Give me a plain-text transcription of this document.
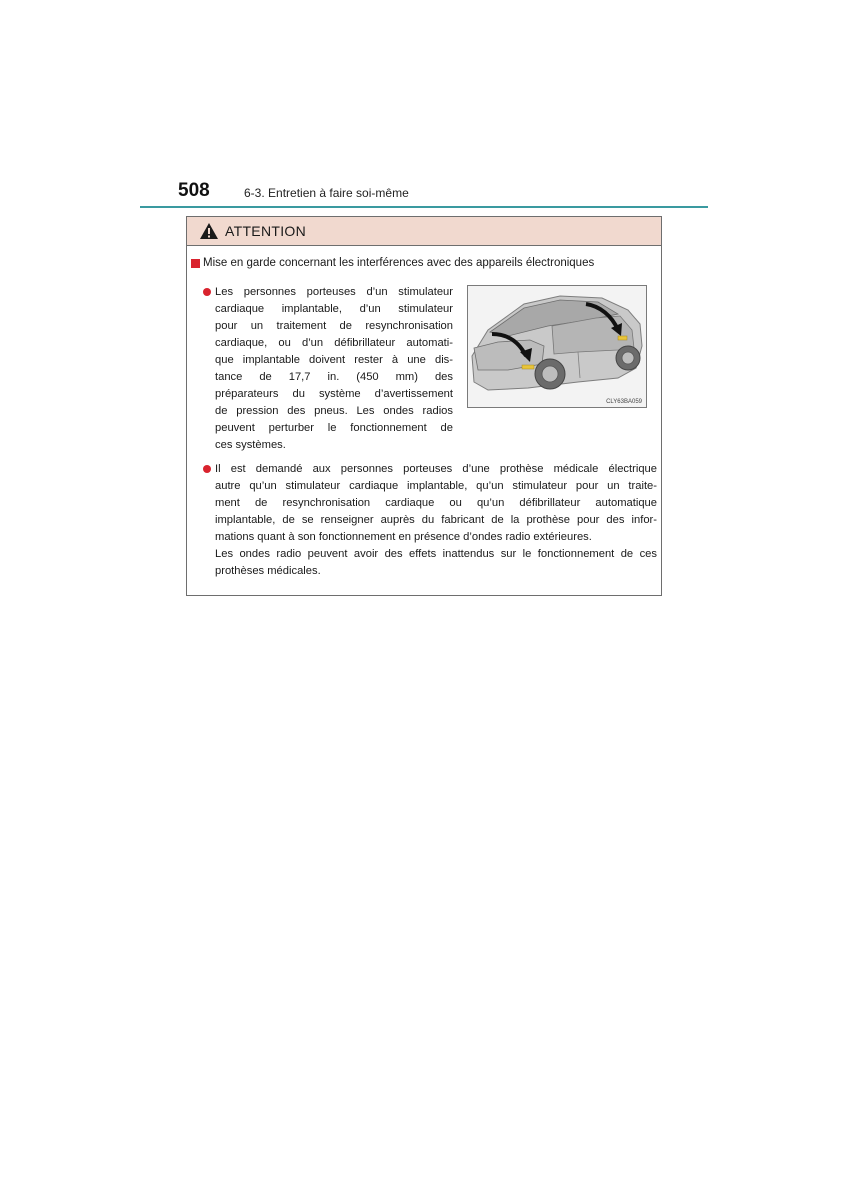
508	6-3. Entretien à faire soi-même
ATTENTION
Mise en garde concernant les interférences avec des appareils électroniques
Les personnes porteuses d’un stimulateur
cardiaque implantable, d’un stimulateur
pour un traitement de resynchronisation
cardiaque, ou d’un défibrillateur automati-
que implantable doivent rester à une dis-
tance de 17,7 in. (450 mm) des
préparateurs du système d’avertissement
de pression des pneus. Les ondes radios
peuvent perturber le fonctionnement de
ces systèmes.
CLY63BA059
Il est demandé aux personnes porteuses d’une prothèse médicale électrique
autre qu’un stimulateur cardiaque implantable, qu’un stimulateur pour un traite-
ment de resynchronisation cardiaque ou qu’un défibrillateur automatique
implantable, de se renseigner auprès du fabricant de la prothèse pour des infor-
mations quant à son fonctionnement en présence d’ondes radio extérieures.
Les ondes radio peuvent avoir des effets inattendus sur le fonctionnement de ces
prothèses médicales.
